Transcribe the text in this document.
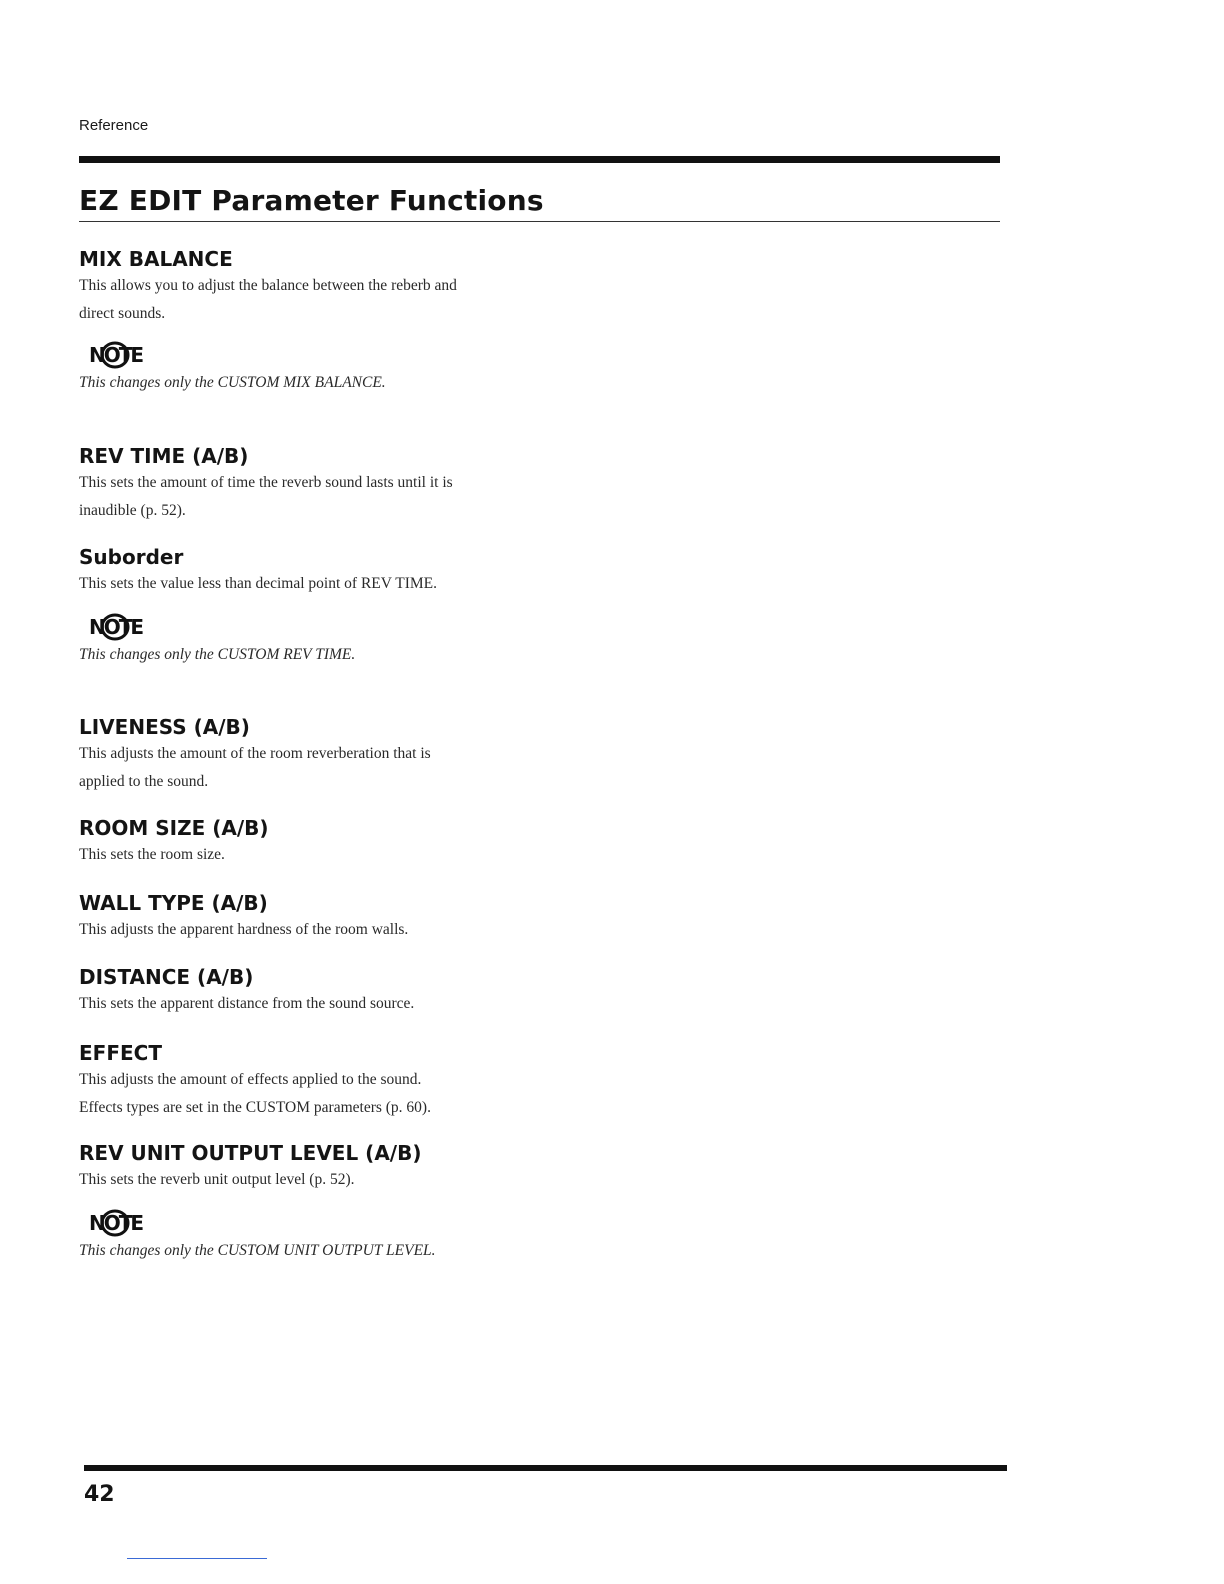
Reference
EZ EDIT Parameter Functions
MIX BALANCE

This allows you to adjust the balance between the reberb and

direct sounds.

NOTE

This changes only the CUSTOM MIX BALANCE.

REV TIME (A/B)

This sets the amount of time the reverb sound lasts until it is

inaudible (p. 52).

Suborder

This sets the value less than decimal point of REV TIME.

NOTE

This changes only the CUSTOM REV TIME.

LIVENESS (A/B)

This adjusts the amount of the room reverberation that is

applied to the sound.

ROOM SIZE (A/B)

This sets the room size.

WALL TYPE (A/B)

This adjusts the apparent hardness of the room walls.

DISTANCE (A/B)

This sets the apparent distance from the sound source.

EFFECT

This adjusts the amount of effects applied to the sound.

Effects types are set in the CUSTOM parameters (p. 60).

REV UNIT OUTPUT LEVEL (A/B)

This sets the reverb unit output level (p. 52).

NOTE

This changes only the CUSTOM UNIT OUTPUT LEVEL.

42
